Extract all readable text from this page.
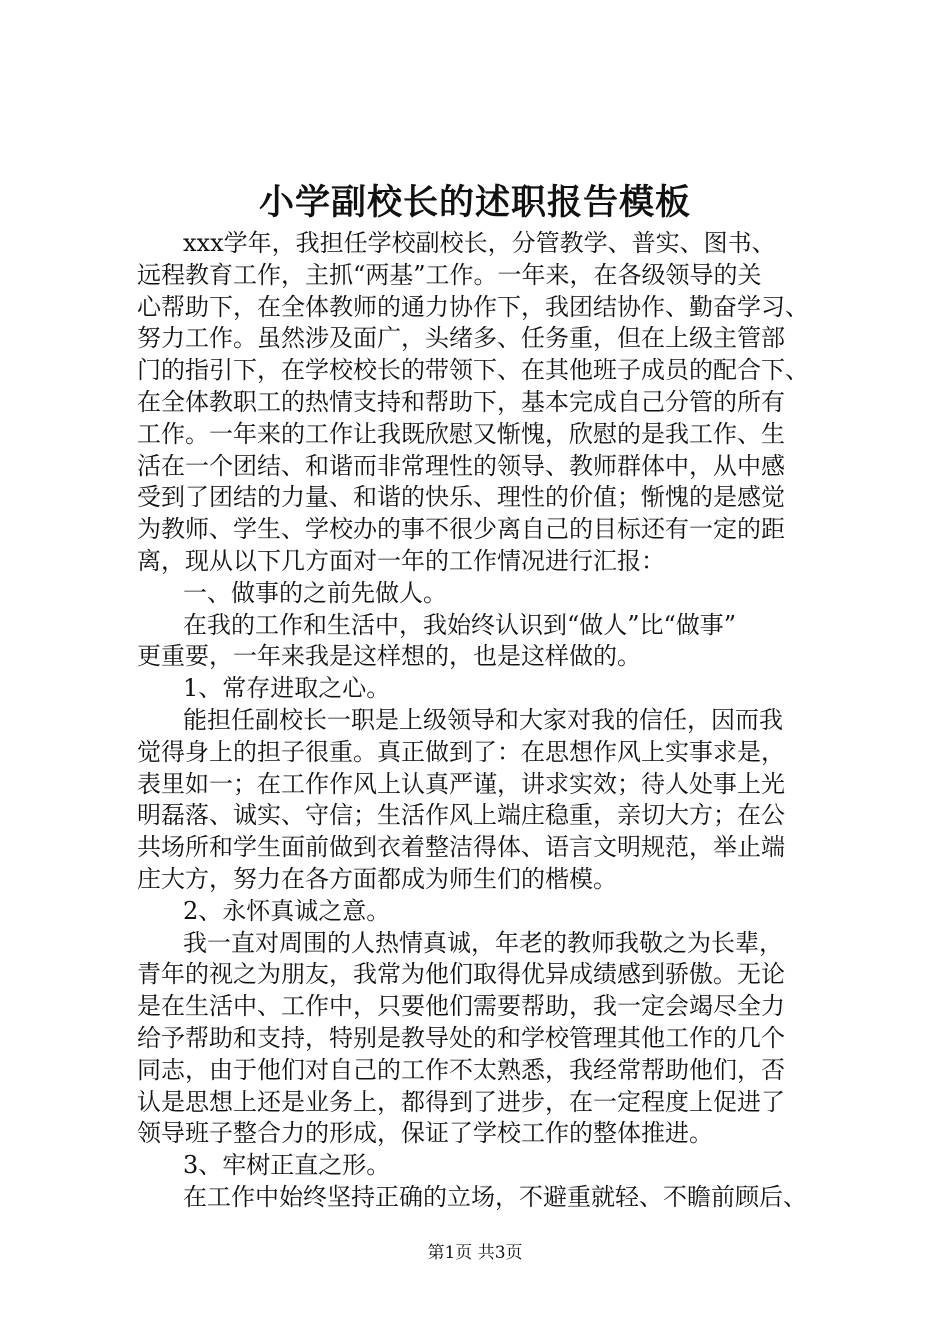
小学副校长的述职报告模板
xxx学年，我担任学校副校长，分管教学、普实、图书、
远程教育工作，主抓“两基”工作。一年来，在各级领导的关
心帮助下，在全体教师的通力协作下，我团结协作、勤奋学习、
努力工作。虽然涉及面广，头绪多、任务重，但在上级主管部
门的指引下，在学校校长的带领下、在其他班子成员的配合下、
在全体教职工的热情支持和帮助下，基本完成自己分管的所有
工作。一年来的工作让我既欣慰又惭愧，欣慰的是我工作、生
活在一个团结、和谐而非常理性的领导、教师群体中，从中感
受到了团结的力量、和谐的快乐、理性的价值；惭愧的是感觉
为教师、学生、学校办的事不很少离自己的目标还有一定的距
离，现从以下几方面对一年的工作情况进行汇报：
一、做事的之前先做人。
在我的工作和生活中，我始终认识到“做人”比“做事”
更重要，一年来我是这样想的，也是这样做的。
1、常存进取之心。
能担任副校长一职是上级领导和大家对我的信任，因而我
觉得身上的担子很重。真正做到了：在思想作风上实事求是，
表里如一；在工作作风上认真严谨，讲求实效；待人处事上光
明磊落、诚实、守信；生活作风上端庄稳重，亲切大方；在公
共场所和学生面前做到衣着整洁得体、语言文明规范，举止端
庄大方，努力在各方面都成为师生们的楷模。
2、永怀真诚之意。
我一直对周围的人热情真诚，年老的教师我敬之为长辈，
青年的视之为朋友，我常为他们取得优异成绩感到骄傲。无论
是在生活中、工作中，只要他们需要帮助，我一定会竭尽全力
给予帮助和支持，特别是教导处的和学校管理其他工作的几个
同志，由于他们对自己的工作不太熟悉，我经常帮助他们，否
认是思想上还是业务上，都得到了进步，在一定程度上促进了
领导班子整合力的形成，保证了学校工作的整体推进。
3、牢树正直之形。
在工作中始终坚持正确的立场，不避重就轻、不瞻前顾后、
第1页 共3页
